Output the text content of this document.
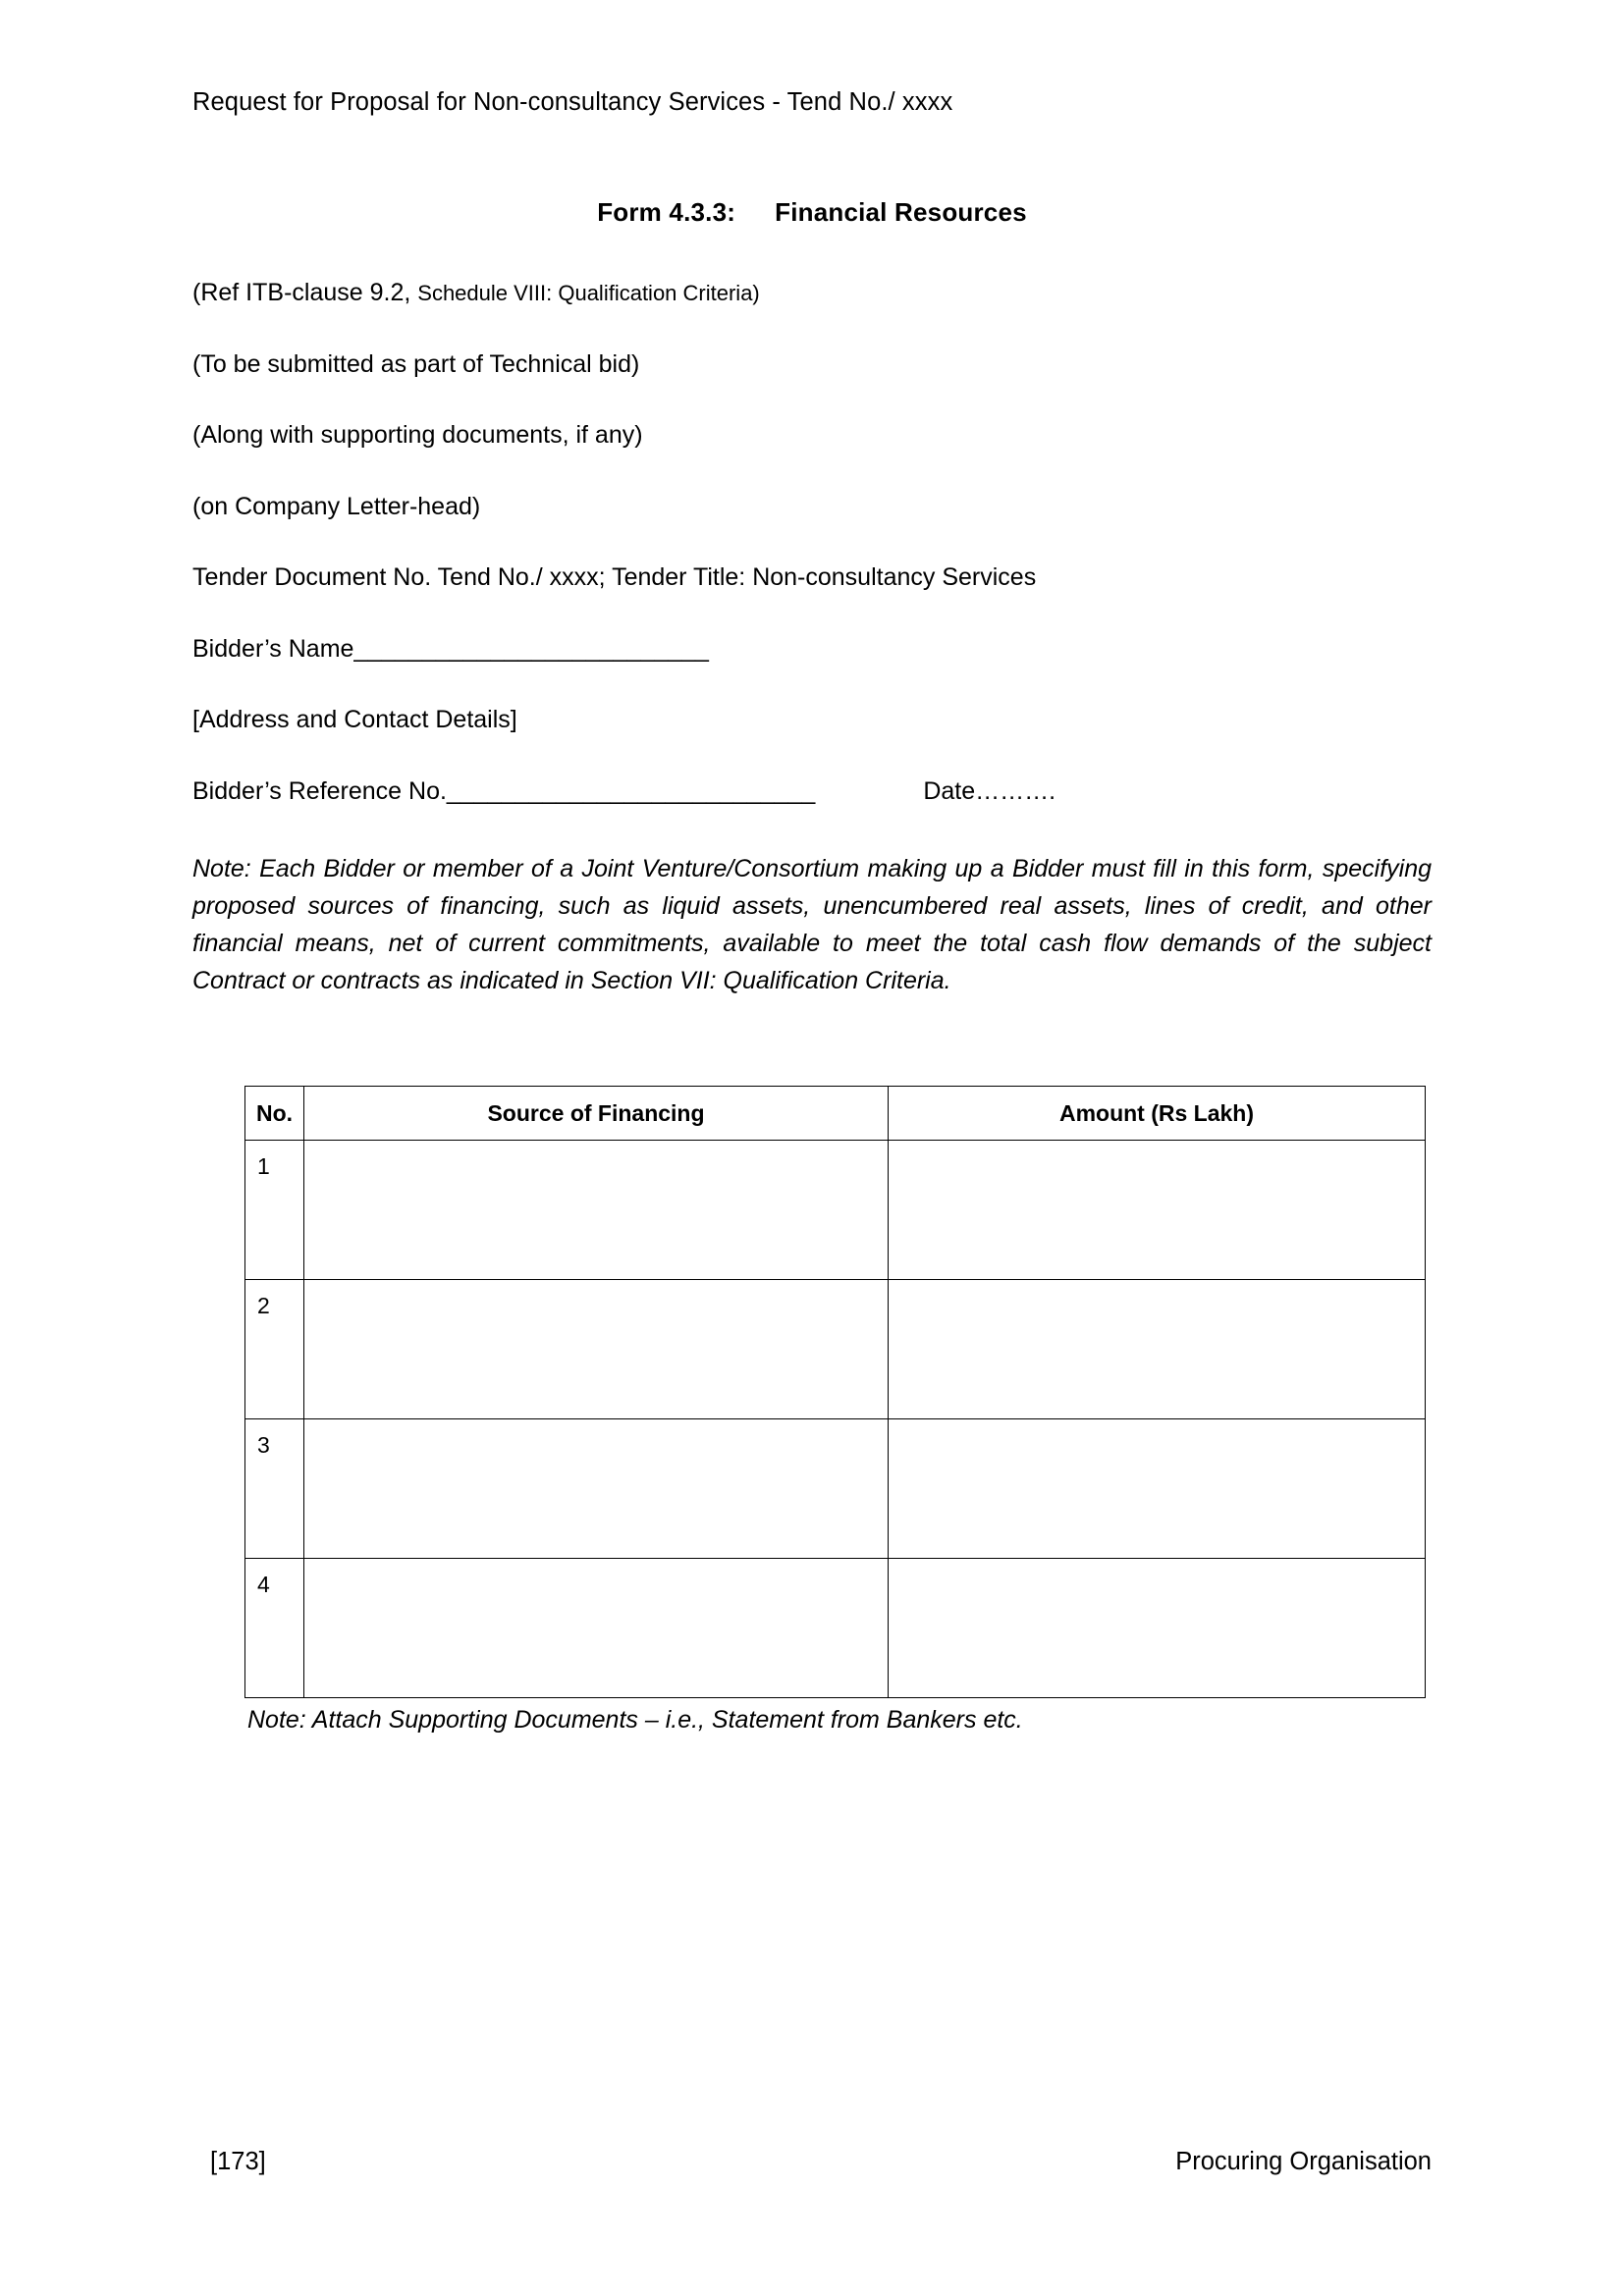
Request for Proposal for Non-consultancy Services - Tend No./ xxxx
Form 4.3.3: Financial Resources
(Ref ITB-clause 9.2, Schedule VIII: Qualification Criteria)
(To be submitted as part of Technical bid)
(Along with supporting documents, if any)
(on Company Letter-head)
Tender Document No. Tend No./ xxxx; Tender Title: Non-consultancy Services
Bidder’s Name__________________________
[Address and Contact Details]
Bidder’s Reference No.___________________________	Date……….
Note: Each Bidder or member of a Joint Venture/Consortium making up a Bidder must fill in this form, specifying proposed sources of financing, such as liquid assets, unencumbered real assets, lines of credit, and other financial means, net of current commitments, available to meet the total cash flow demands of the subject Contract or contracts as indicated in Section VII: Qualification Criteria.
No.	Source of Financing	Amount (Rs Lakh)
1		
2		
3		
4		
Note: Attach Supporting Documents – i.e., Statement from Bankers etc.
[173]	Procuring Organisation
